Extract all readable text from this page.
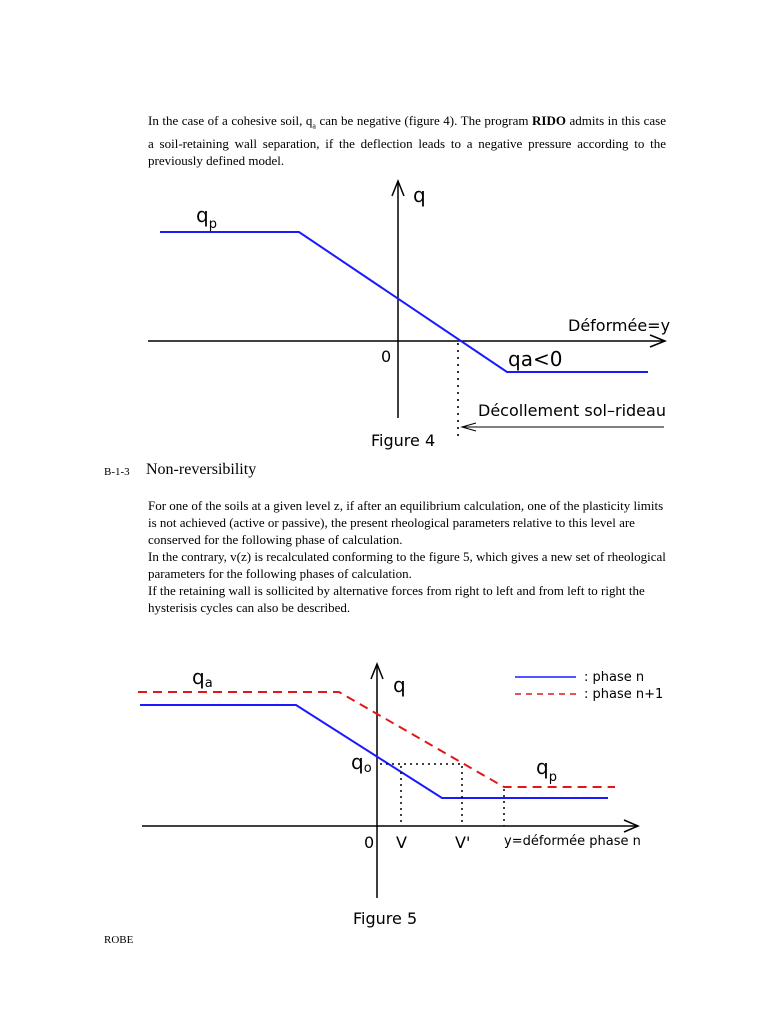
In the case of a cohesive soil, $q_a$ can be negative (figure 4). The program RIDO admits in this case a soil-retaining wall separation, if the deflection leads to a negative pressure according to the previously defined model.

q
$q_p$
Déformée=y
0	qa<0
Décollement sol–rideau
Figure 4
B-1-3 Non-reversibility

For one of the soils at a given level z, if after an equilibrium calculation, one of the plasticity limits is not achieved (active or passive), the present rheological parameters relative to this level are conserved for the following phase of calculation.

In the contrary, v(z) is recalculated conforming to the figure 5, which gives a new set of rheological parameters for the following phases of calculation.

If the retaining wall is sollicited by alternative forces from right to left and from left to right the hysterisis cycles can also be described.

: phase n
: phase n+1
q
qa
qo	$q_p$
0 V	V'	y=déformée phase n
Figure 5
ROBE
